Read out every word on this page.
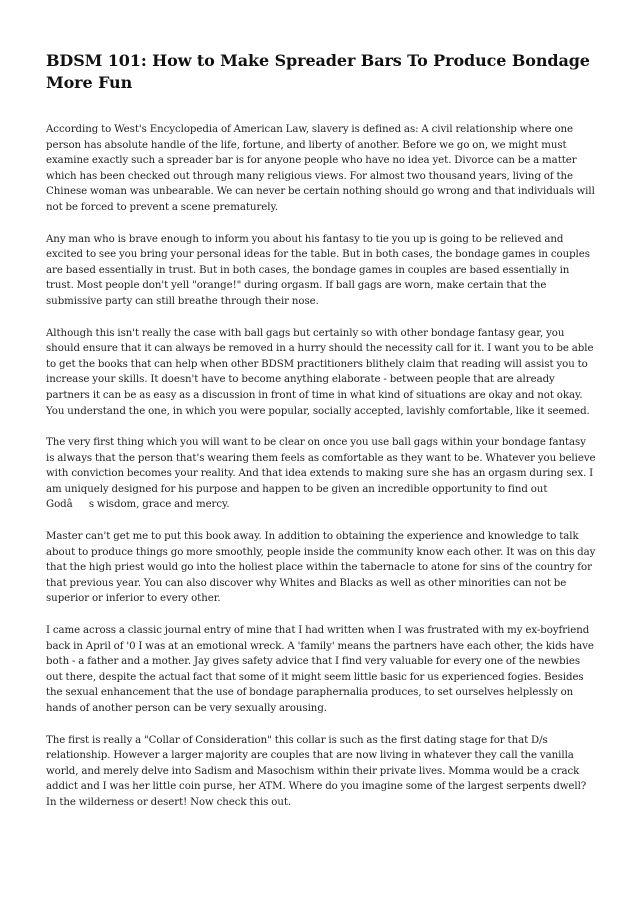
BDSM 101: How to Make Spreader Bars To Produce Bondage More Fun

According to West's Encyclopedia of American Law, slavery is defined as: A civil relationship where one person has absolute handle of the life, fortune, and liberty of another. Before we go on, we might must examine exactly such a spreader bar is for anyone people who have no idea yet. Divorce can be a matter which has been checked out through many religious views. For almost two thousand years, living of the Chinese woman was unbearable. We can never be certain nothing should go wrong and that individuals will not be forced to prevent a scene prematurely.

Any man who is brave enough to inform you about his fantasy to tie you up is going to be relieved and excited to see you bring your personal ideas for the table. But in both cases, the bondage games in couples are based essentially in trust. But in both cases, the bondage games in couples are based essentially in trust. Most people don't yell "orange!" during orgasm. If ball gags are worn, make certain that the submissive party can still breathe through their nose.

Although this isn't really the case with ball gags but certainly so with other bondage fantasy gear, you should ensure that it can always be removed in a hurry should the necessity call for it. I want you to be able to get the books that can help when other BDSM practitioners blithely claim that reading will assist you to increase your skills. It doesn't have to become anything elaborate - between people that are already partners it can be as easy as a discussion in front of time in what kind of situations are okay and not okay. You understand the one, in which you were popular, socially accepted, lavishly comfortable, like it seemed.

The very first thing which you will want to be clear on once you use ball gags within your bondage fantasy is always that the person that's wearing them feels as comfortable as they want to be. Whatever you believe with conviction becomes your reality. And that idea extends to making sure she has an orgasm during sex. I am uniquely designed for his purpose and happen to be given an incredible opportunity to find out Godâs wisdom, grace and mercy.

Master can't get me to put this book away. In addition to obtaining the experience and knowledge to talk about to produce things go more smoothly, people inside the community know each other. It was on this day that the high priest would go into the holiest place within the tabernacle to atone for sins of the country for that previous year. You can also discover why Whites and Blacks as well as other minorities can not be superior or inferior to every other.

I came across a classic journal entry of mine that I had written when I was frustrated with my ex-boyfriend back in April of '0 I was at an emotional wreck. A 'family' means the partners have each other, the kids have both - a father and a mother. Jay gives safety advice that I find very valuable for every one of the newbies out there, despite the actual fact that some of it might seem little basic for us experienced fogies. Besides the sexual enhancement that the use of bondage paraphernalia produces, to set ourselves helplessly on hands of another person can be very sexually arousing.

The first is really a "Collar of Consideration" this collar is such as the first dating stage for that D/s relationship. However a larger majority are couples that are now living in whatever they call the vanilla world, and merely delve into Sadism and Masochism within their private lives. Momma would be a crack addict and I was her little coin purse, her ATM. Where do you imagine some of the largest serpents dwell? In the wilderness or desert! Now check this out.
